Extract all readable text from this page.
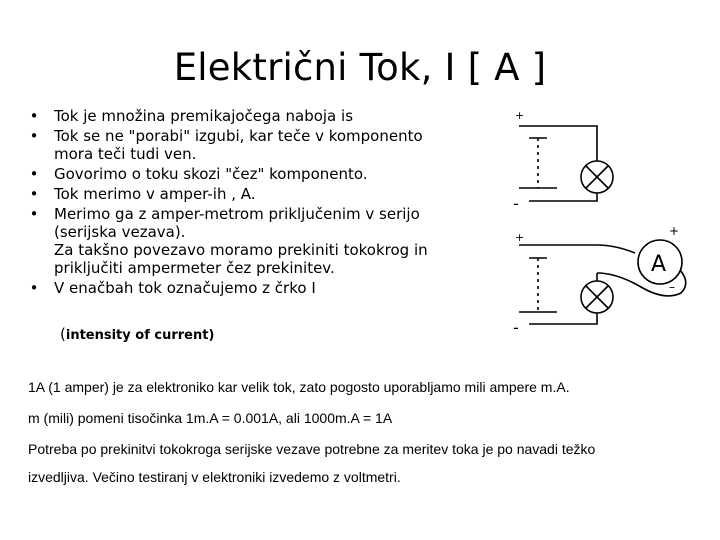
Električni Tok, I [ A ]
• Tok je množina premikajočega naboja is
• Tok se ne "porabi" izgubi, kar teče v komponento
mora teči tudi ven.
• Govorimo o toku skozi "čez" komponento.
• Tok merimo v amper-ih , A.
• Merimo ga z amper-metrom priključenim v serijo
(serijska vezava).
Za takšno povezavo moramo prekiniti tokokrog in
priključiti ampermeter čez prekinitev.
• V enačbah tok označujemo z črko I
(intensity of current)
+
-
+
-
A
+
–
1A (1 amper) je za elektroniko kar velik tok, zato pogosto uporabljamo mili ampere m.A.
m (mili) pomeni tisočinka 1m.A = 0.001A, ali 1000m.A = 1A
Potreba po prekinitvi tokokroga serijske vezave potrebne za meritev toka je po navadi težko
izvedljiva. Večino testiranj v elektroniki izvedemo z voltmetri.
